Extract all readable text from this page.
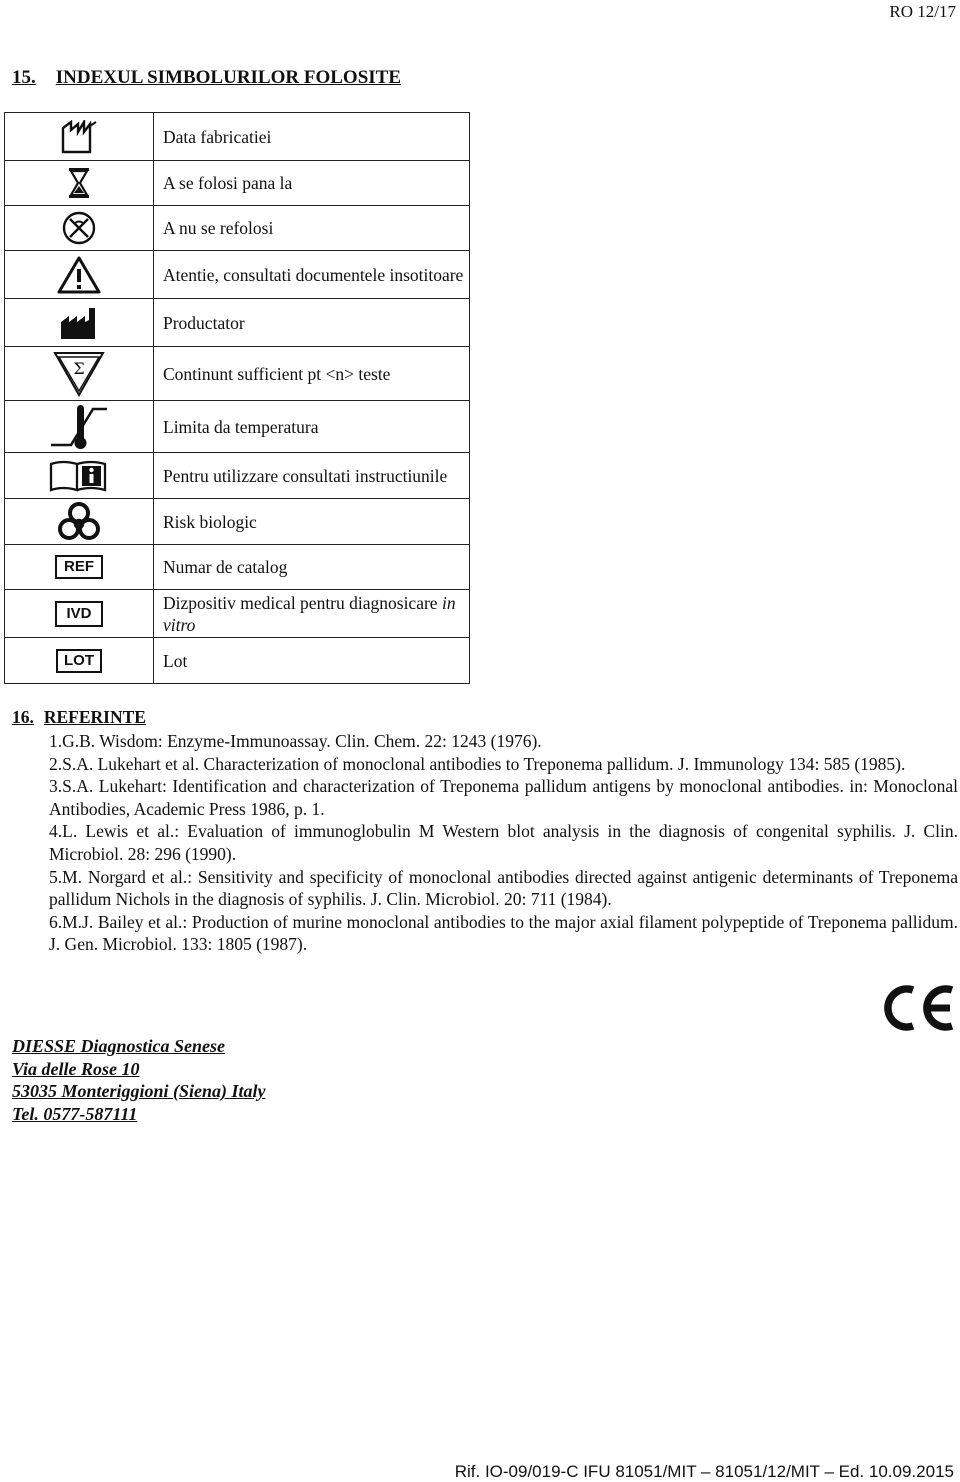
RO 12/17
15. INDEXUL SIMBOLURILOR FOLOSITE
	Data fabricatiei

	A se folosi pana la

	A nu se refolosi

	Atentie, consultati documentele insotitoare

	Productator

Σ	Continunt sufficient pt <n> teste

	Limita da temperatura

	Pentru utilizzare consultati instructiunile

	Risk biologic
REF	Numar de catalog
IVD	Dizpositiv medical pentru diagnosicare in vitro
LOT	Lot
16. REFERINTE

1.G.B. Wisdom: Enzyme-Immunoassay. Clin. Chem. 22: 1243 (1976).

2.S.A. Lukehart et al. Characterization of monoclonal antibodies to Treponema pallidum. J. Immunology 134: 585 (1985).

3.S.A. Lukehart: Identification and characterization of Treponema pallidum antigens by monoclonal antibodies. in: Monoclonal Antibodies, Academic Press 1986, p. 1.

4.L. Lewis et al.: Evaluation of immunoglobulin M Western blot analysis in the diagnosis of congenital syphilis. J. Clin. Microbiol. 28: 296 (1990).

5.M. Norgard et al.: Sensitivity and specificity of monoclonal antibodies directed against antigenic determinants of Treponema pallidum Nichols in the diagnosis of syphilis. J. Clin. Microbiol. 20: 711 (1984).

6.M.J. Bailey et al.: Production of murine monoclonal antibodies to the major axial filament polypeptide of Treponema pallidum. J. Gen. Microbiol. 133: 1805 (1987).

DIESSE Diagnostica Senese
Via delle Rose 10
53035 Monteriggioni (Siena) Italy
Tel. 0577-587111
Rif. IO-09/019-C IFU 81051/MIT – 81051/12/MIT – Ed. 10.09.2015
